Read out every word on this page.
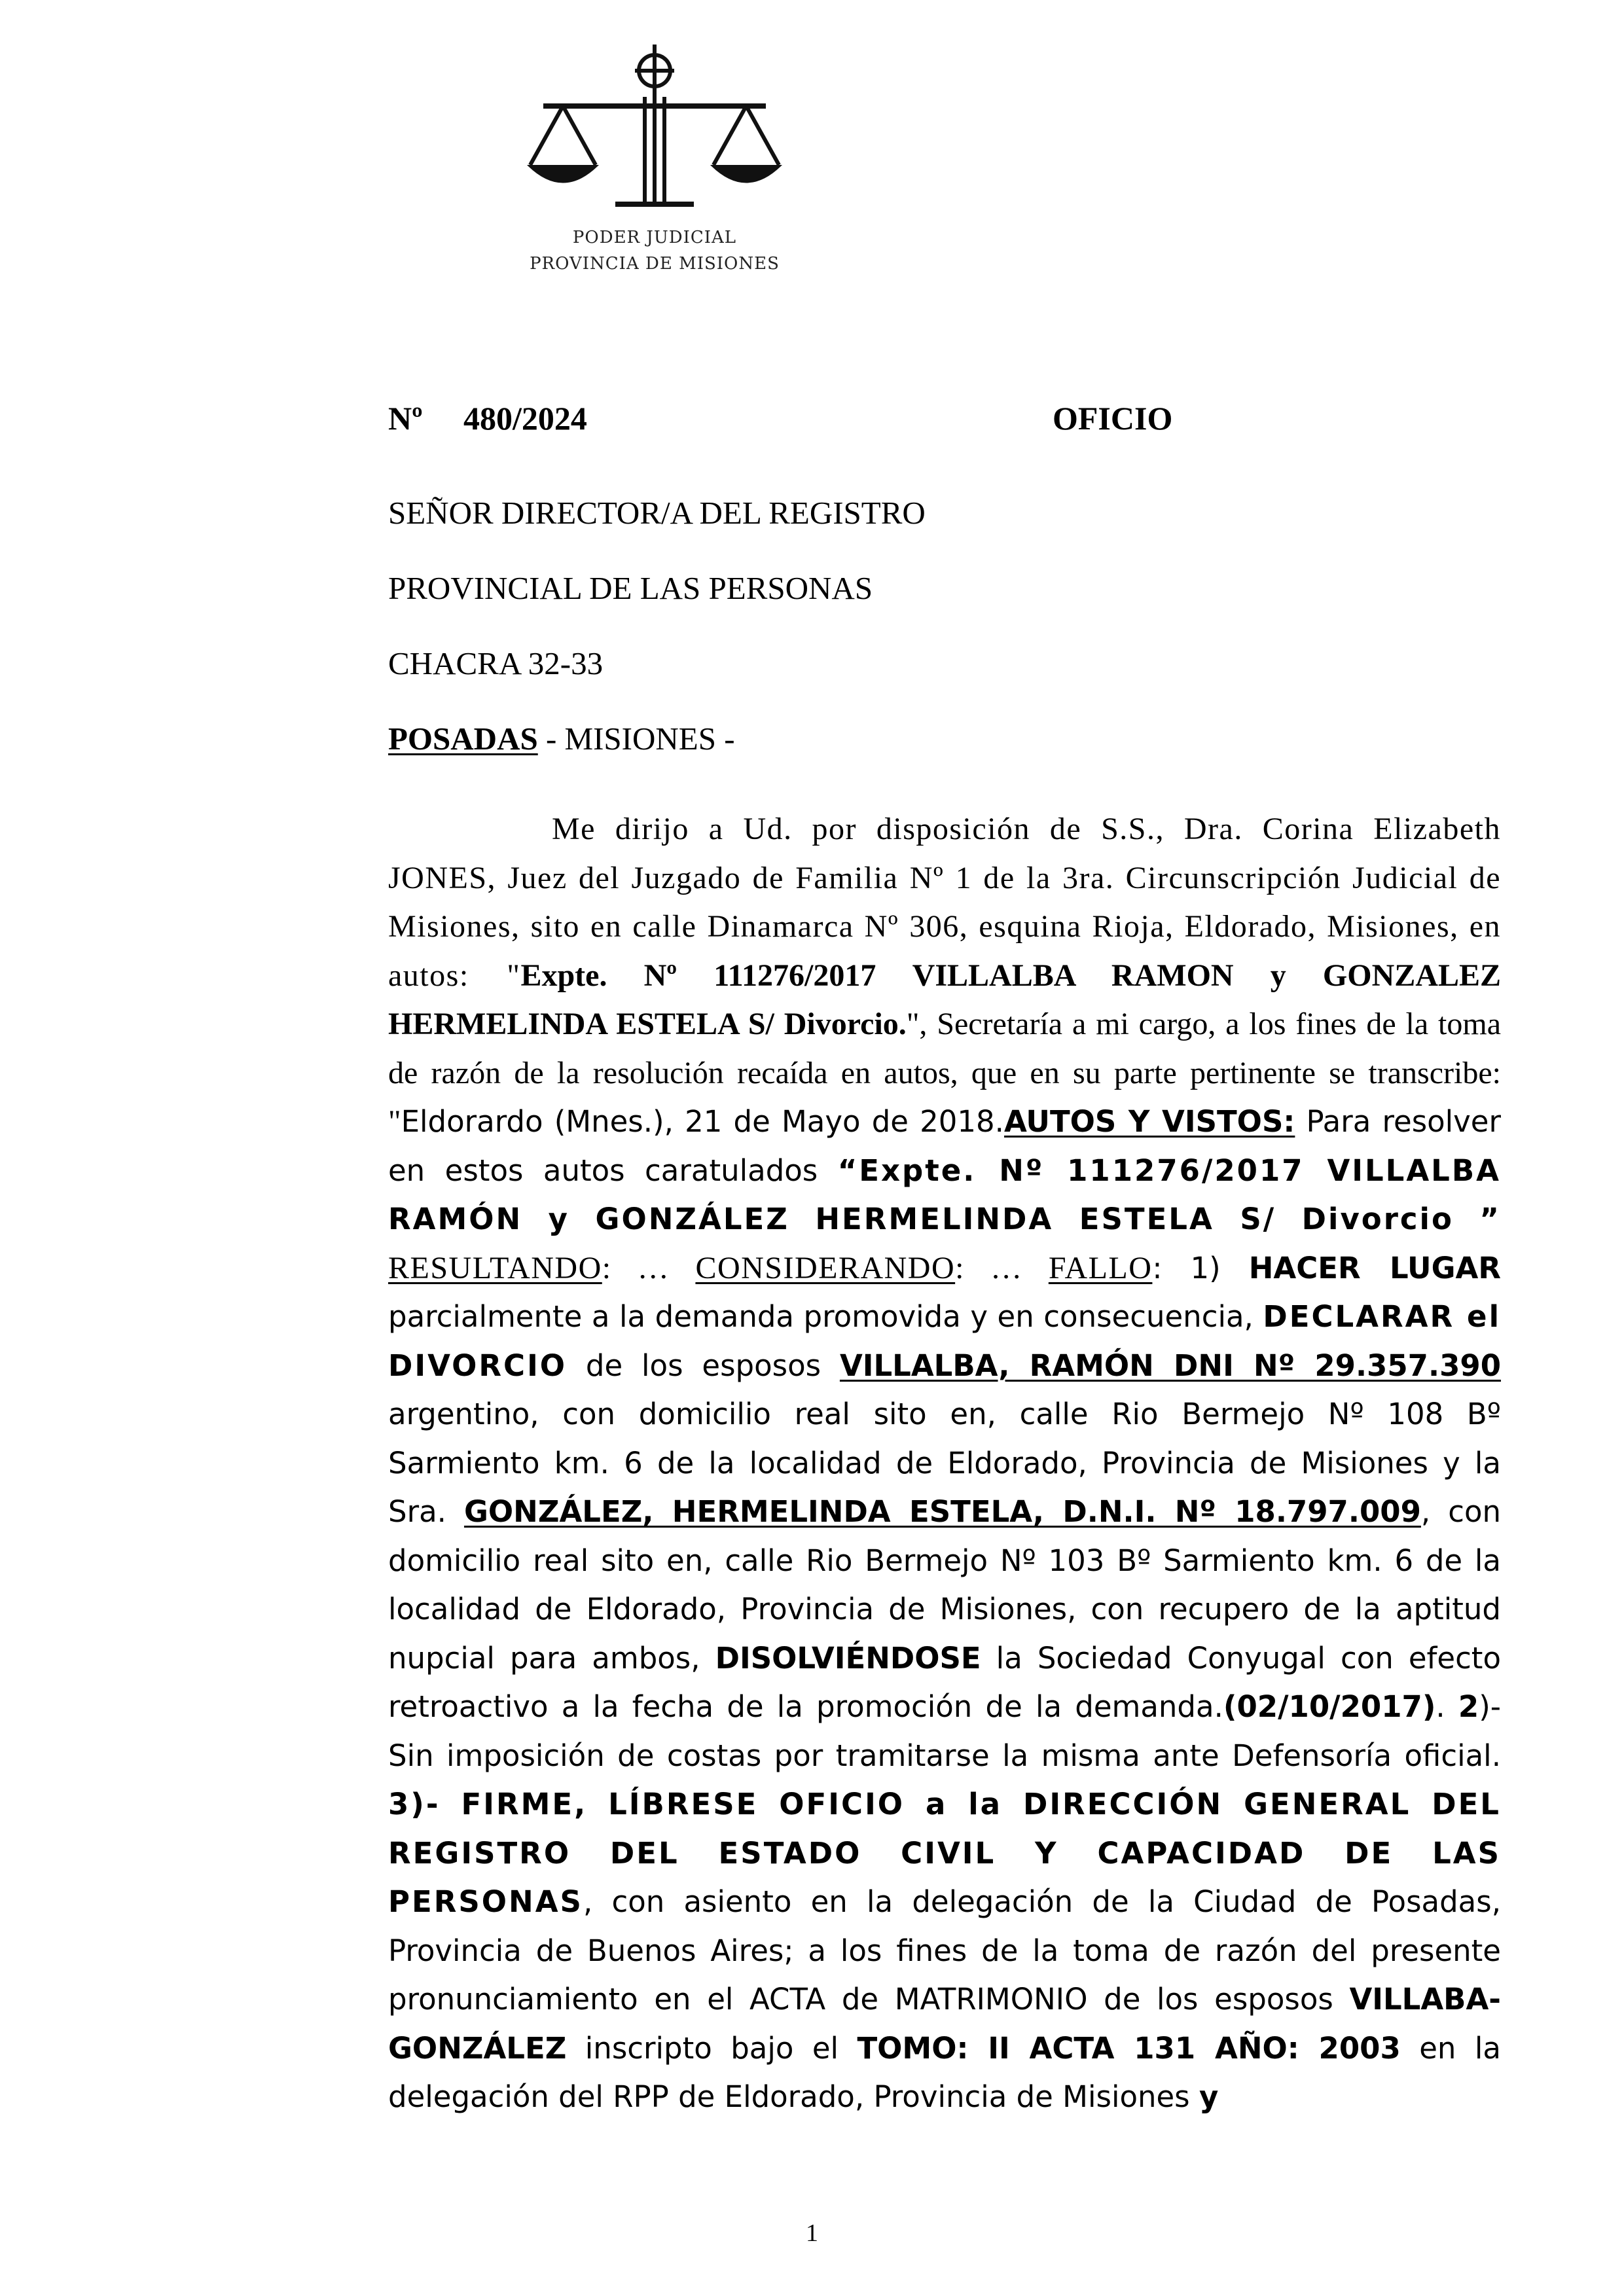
PODER JUDICIAL
PROVINCIA DE MISIONES
Nº 480/2024	OFICIO
SEÑOR DIRECTOR/A DEL REGISTRO
PROVINCIAL DE LAS PERSONAS
CHACRA 32-33
POSADAS - MISIONES -
Me dirijo a Ud. por disposición de S.S., Dra. Corina Elizabeth JONES, Juez del Juzgado de Familia Nº 1 de la 3ra. Circunscripción Judicial de Misiones, sito en calle Dinamarca Nº 306, esquina Rioja, Eldorado, Misiones, en autos: "Expte. Nº 111276/2017 VILLALBA RAMON y GONZALEZ HERMELINDA ESTELA S/ Divorcio.", Secretaría a mi cargo, a los fines de la toma de razón de la resolución recaída en autos, que en su parte pertinente se transcribe: "Eldorardo (Mnes.), 21 de Mayo de 2018.AUTOS Y VISTOS: Para resolver en estos autos caratulados “Expte. Nº 111276/2017 VILLALBA RAMÓN y GONZÁLEZ HERMELINDA ESTELA S/ Divorcio ” RESULTANDO: … CONSIDERANDO: … FALLO: 1) HACER LUGAR parcialmente a la demanda promovida y en consecuencia, DECLARAR el DIVORCIO de los esposos VILLALBA, RAMÓN DNI Nº 29.357.390 argentino, con domicilio real sito en, calle Rio Bermejo Nº 108 Bº Sarmiento km. 6 de la localidad de Eldorado, Provincia de Misiones y la Sra. GONZÁLEZ, HERMELINDA ESTELA, D.N.I. Nº 18.797.009, con domicilio real sito en, calle Rio Bermejo Nº 103 Bº Sarmiento km. 6 de la localidad de Eldorado, Provincia de Misiones, con recupero de la aptitud nupcial para ambos, DISOLVIÉNDOSE la Sociedad Conyugal con efecto retroactivo a la fecha de la promoción de la demanda.(02/10/2017). 2)- Sin imposición de costas por tramitarse la misma ante Defensoría oficial. 3)- FIRME, LÍBRESE OFICIO a la DIRECCIÓN GENERAL DEL REGISTRO DEL ESTADO CIVIL Y CAPACIDAD DE LAS PERSONAS, con asiento en la delegación de la Ciudad de Posadas, Provincia de Buenos Aires; a los fines de la toma de razón del presente pronunciamiento en el ACTA de MATRIMONIO de los esposos VILLABA- GONZÁLEZ inscripto bajo el TOMO: II ACTA 131 AÑO: 2003 en la delegación del RPP de Eldorado, Provincia de Misiones y
1
